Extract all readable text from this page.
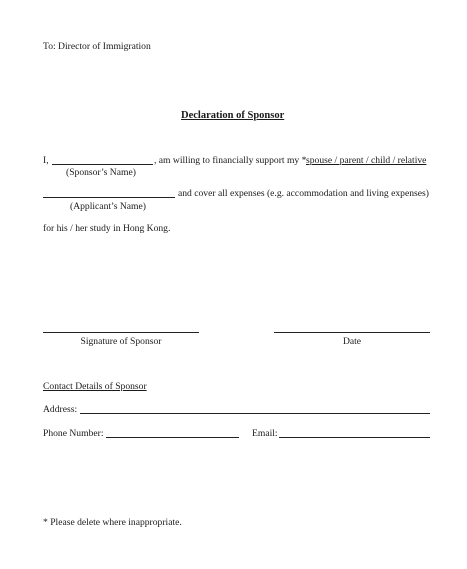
To: Director of Immigration
Declaration of Sponsor
I,	, am willing to financially support my * spouse / parent / child / relative
(Sponsor’s Name)
and cover all expenses (e.g. accommodation and living expenses)
(Applicant’s Name)
for his / her study in Hong Kong.
Signature of Sponsor	Date
Contact Details of Sponsor
Address:
Phone Number:	Email:
* Please delete where inappropriate.
